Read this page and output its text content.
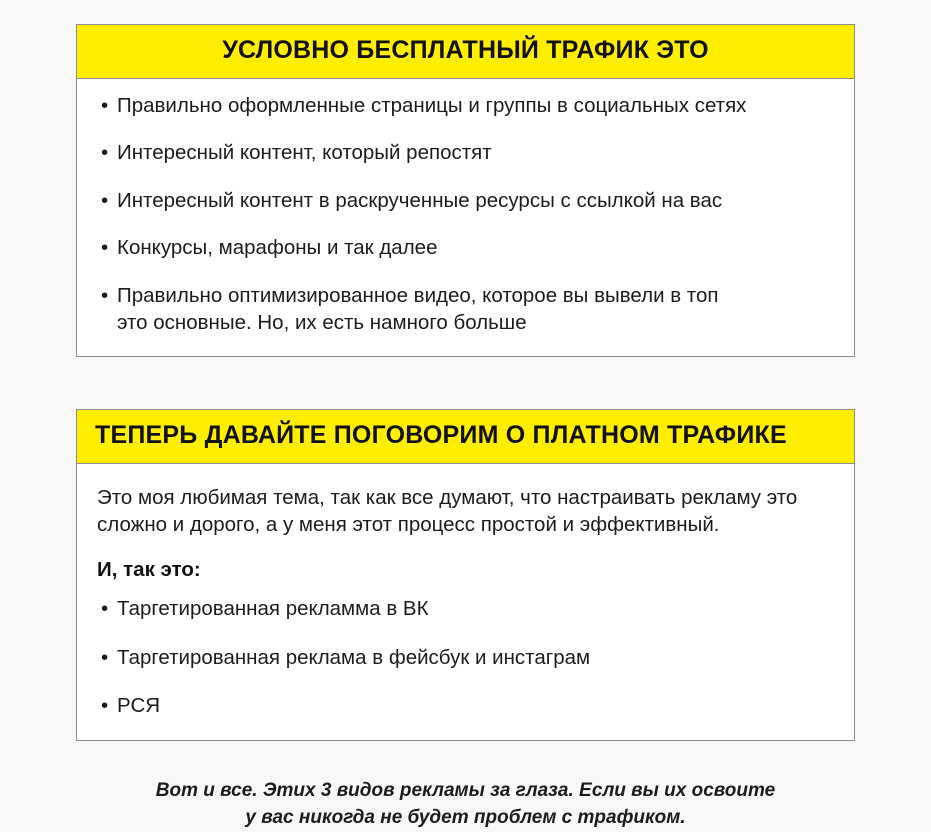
УСЛОВНО БЕСПЛАТНЫЙ ТРАФИК ЭТО
• Правильно оформленные страницы и группы в социальных сетях
• Интересный контент, который репостят
• Интересный контент в раскрученные ресурсы с ссылкой на вас
• Конкурсы, марафоны и так далее
• Правильно оптимизированное видео, которое вы вывели в топ
это основные. Но, их есть намного больше
ТЕПЕРЬ ДАВАЙТЕ ПОГОВОРИМ О ПЛАТНОМ ТРАФИКЕ

Это моя любимая тема, так как все думают, что настраивать рекламу это сложно и дорого, а у меня этот процесс простой и эффективный.

И, так это:

• Таргетированная рекламма в ВК
• Таргетированная реклама в фейсбук и инстаграм
• РСЯ
Вот и все. Этих 3 видов рекламы за глаза. Если вы их освоите
у вас никогда не будет проблем с трафиком.
